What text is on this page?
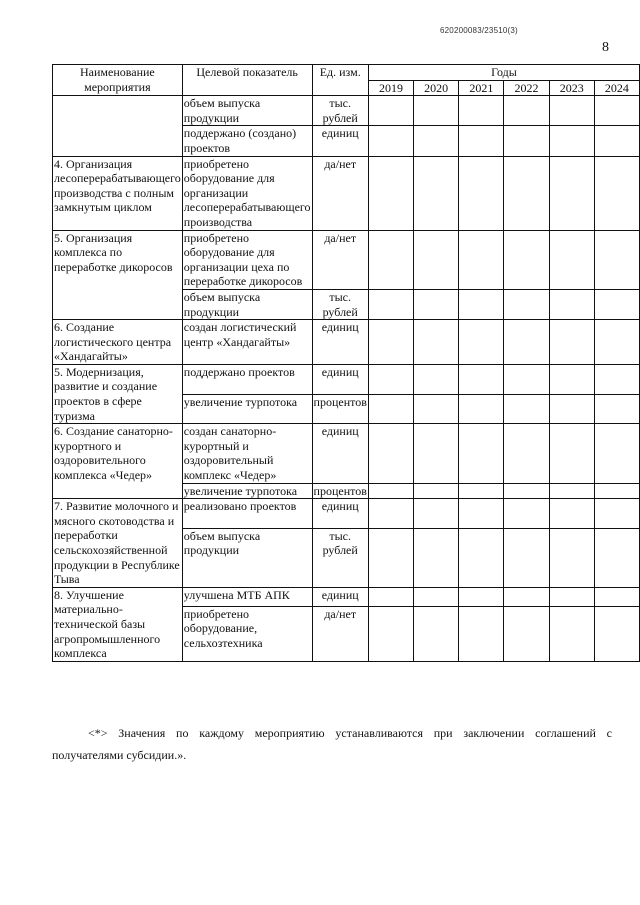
620200083/23510(3)
8
Наименование мероприятия	Целевой показатель	Ед. изм.	Годы					
			2019	2020	2021	2022	2023	2024
	объем выпуска продукции	тыс. рублей						
	поддержано (создано) проектов	единиц						
4. Организация лесоперерабатывающего производства с полным замкнутым циклом	приобретено оборудование для организации лесоперерабатывающего производства	да/нет						
5. Организация комплекса по переработке дикоросов	приобретено оборудование для организации цеха по переработке дикоросов	да/нет						
	объем выпуска продукции	тыс. рублей						
6. Создание логистического центра «Хандагайты»	создан логистический центр «Хандагайты»	единиц						
5. Модернизация, развитие и создание проектов в сфере туризма	поддержано проектов	единиц						
	увеличение турпотока	процентов						
6. Создание санаторно-курортного и оздоровительного комплекса «Чедер»	создан санаторно-курортный и оздоровительный комплекс «Чедер»	единиц						
	увеличение турпотока	процентов						
7. Развитие молочного и мясного скотоводства и переработки сельскохозяйственной продукции в Республике Тыва	реализовано проектов	единиц						
	объем выпуска продукции	тыс. рублей						
8. Улучшение материально-технической базы агропромышленного комплекса	улучшена МТБ АПК	единиц						
	приобретено оборудование, сельхозтехника	да/нет						
<*> Значения по каждому мероприятию устанавливаются при заключении соглашений с получателями субсидии.».
